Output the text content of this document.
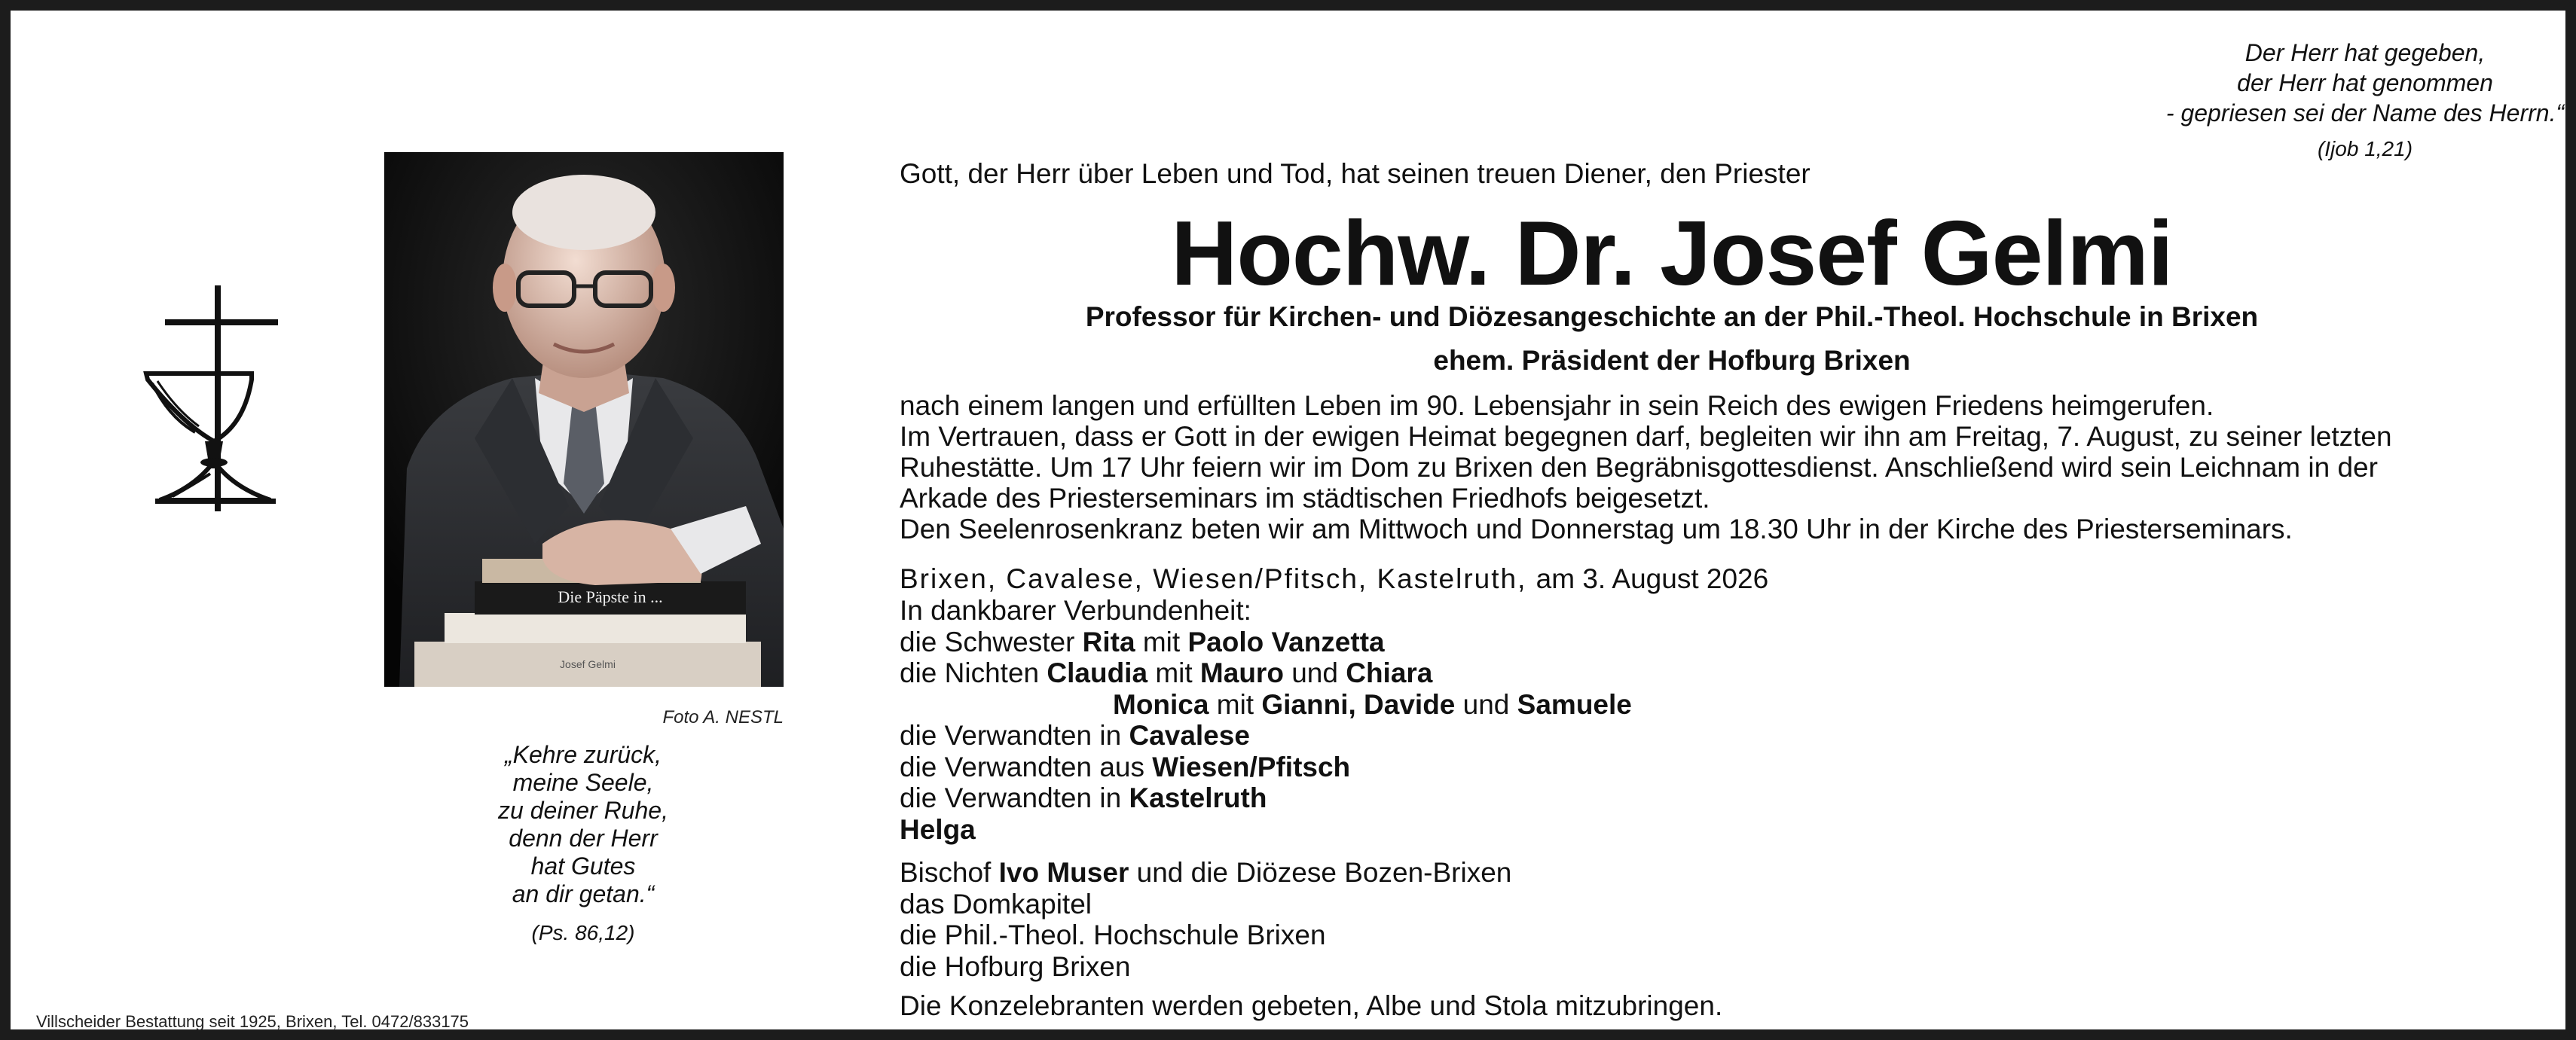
Der Herr hat gegeben,
der Herr hat genommen
- gepriesen sei der Name des Herrn.“
(Ijob 1,21)
Die Päpste in ...
Josef Gelmi
Foto A. NESTL
„Kehre zurück,
meine Seele,
zu deiner Ruhe,
denn der Herr
hat Gutes
an dir getan.“
(Ps. 86,12)
Villscheider Bestattung seit 1925, Brixen, Tel. 0472/833175
Gott, der Herr über Leben und Tod, hat seinen treuen Diener, den Priester
Hochw. Dr. Josef Gelmi
Professor für Kirchen- und Diözesangeschichte an der Phil.-Theol. Hochschule in Brixen
ehem. Präsident der Hofburg Brixen

nach einem langen und erfüllten Leben im 90. Lebensjahr in sein Reich des ewigen Friedens heimgerufen.

Im Vertrauen, dass er Gott in der ewigen Heimat begegnen darf, begleiten wir ihn am Freitag, 7. August, zu seiner letzten Ruhestätte. Um 17 Uhr feiern wir im Dom zu Brixen den Begräbnisgottesdienst. Anschließend wird sein Leichnam in der Arkade des Priesterseminars im städtischen Friedhofs beigesetzt.

Den Seelenrosenkranz beten wir am Mittwoch und Donnerstag um 18.30 Uhr in der Kirche des Priesterseminars.

Brixen, Cavalese, Wiesen/Pfitsch, Kastelruth, am 3. August 2026
In dankbarer Verbundenheit:
die Schwester Rita mit Paolo Vanzetta
die Nichten Claudia mit Mauro und Chiara
Monica mit Gianni, Davide und Samuele
die Verwandten in Cavalese
die Verwandten aus Wiesen/Pfitsch
die Verwandten in Kastelruth
Helga
Bischof Ivo Muser und die Diözese Bozen-Brixen
das Domkapitel
die Phil.-Theol. Hochschule Brixen
die Hofburg Brixen
Die Konzelebranten werden gebeten, Albe und Stola mitzubringen.
